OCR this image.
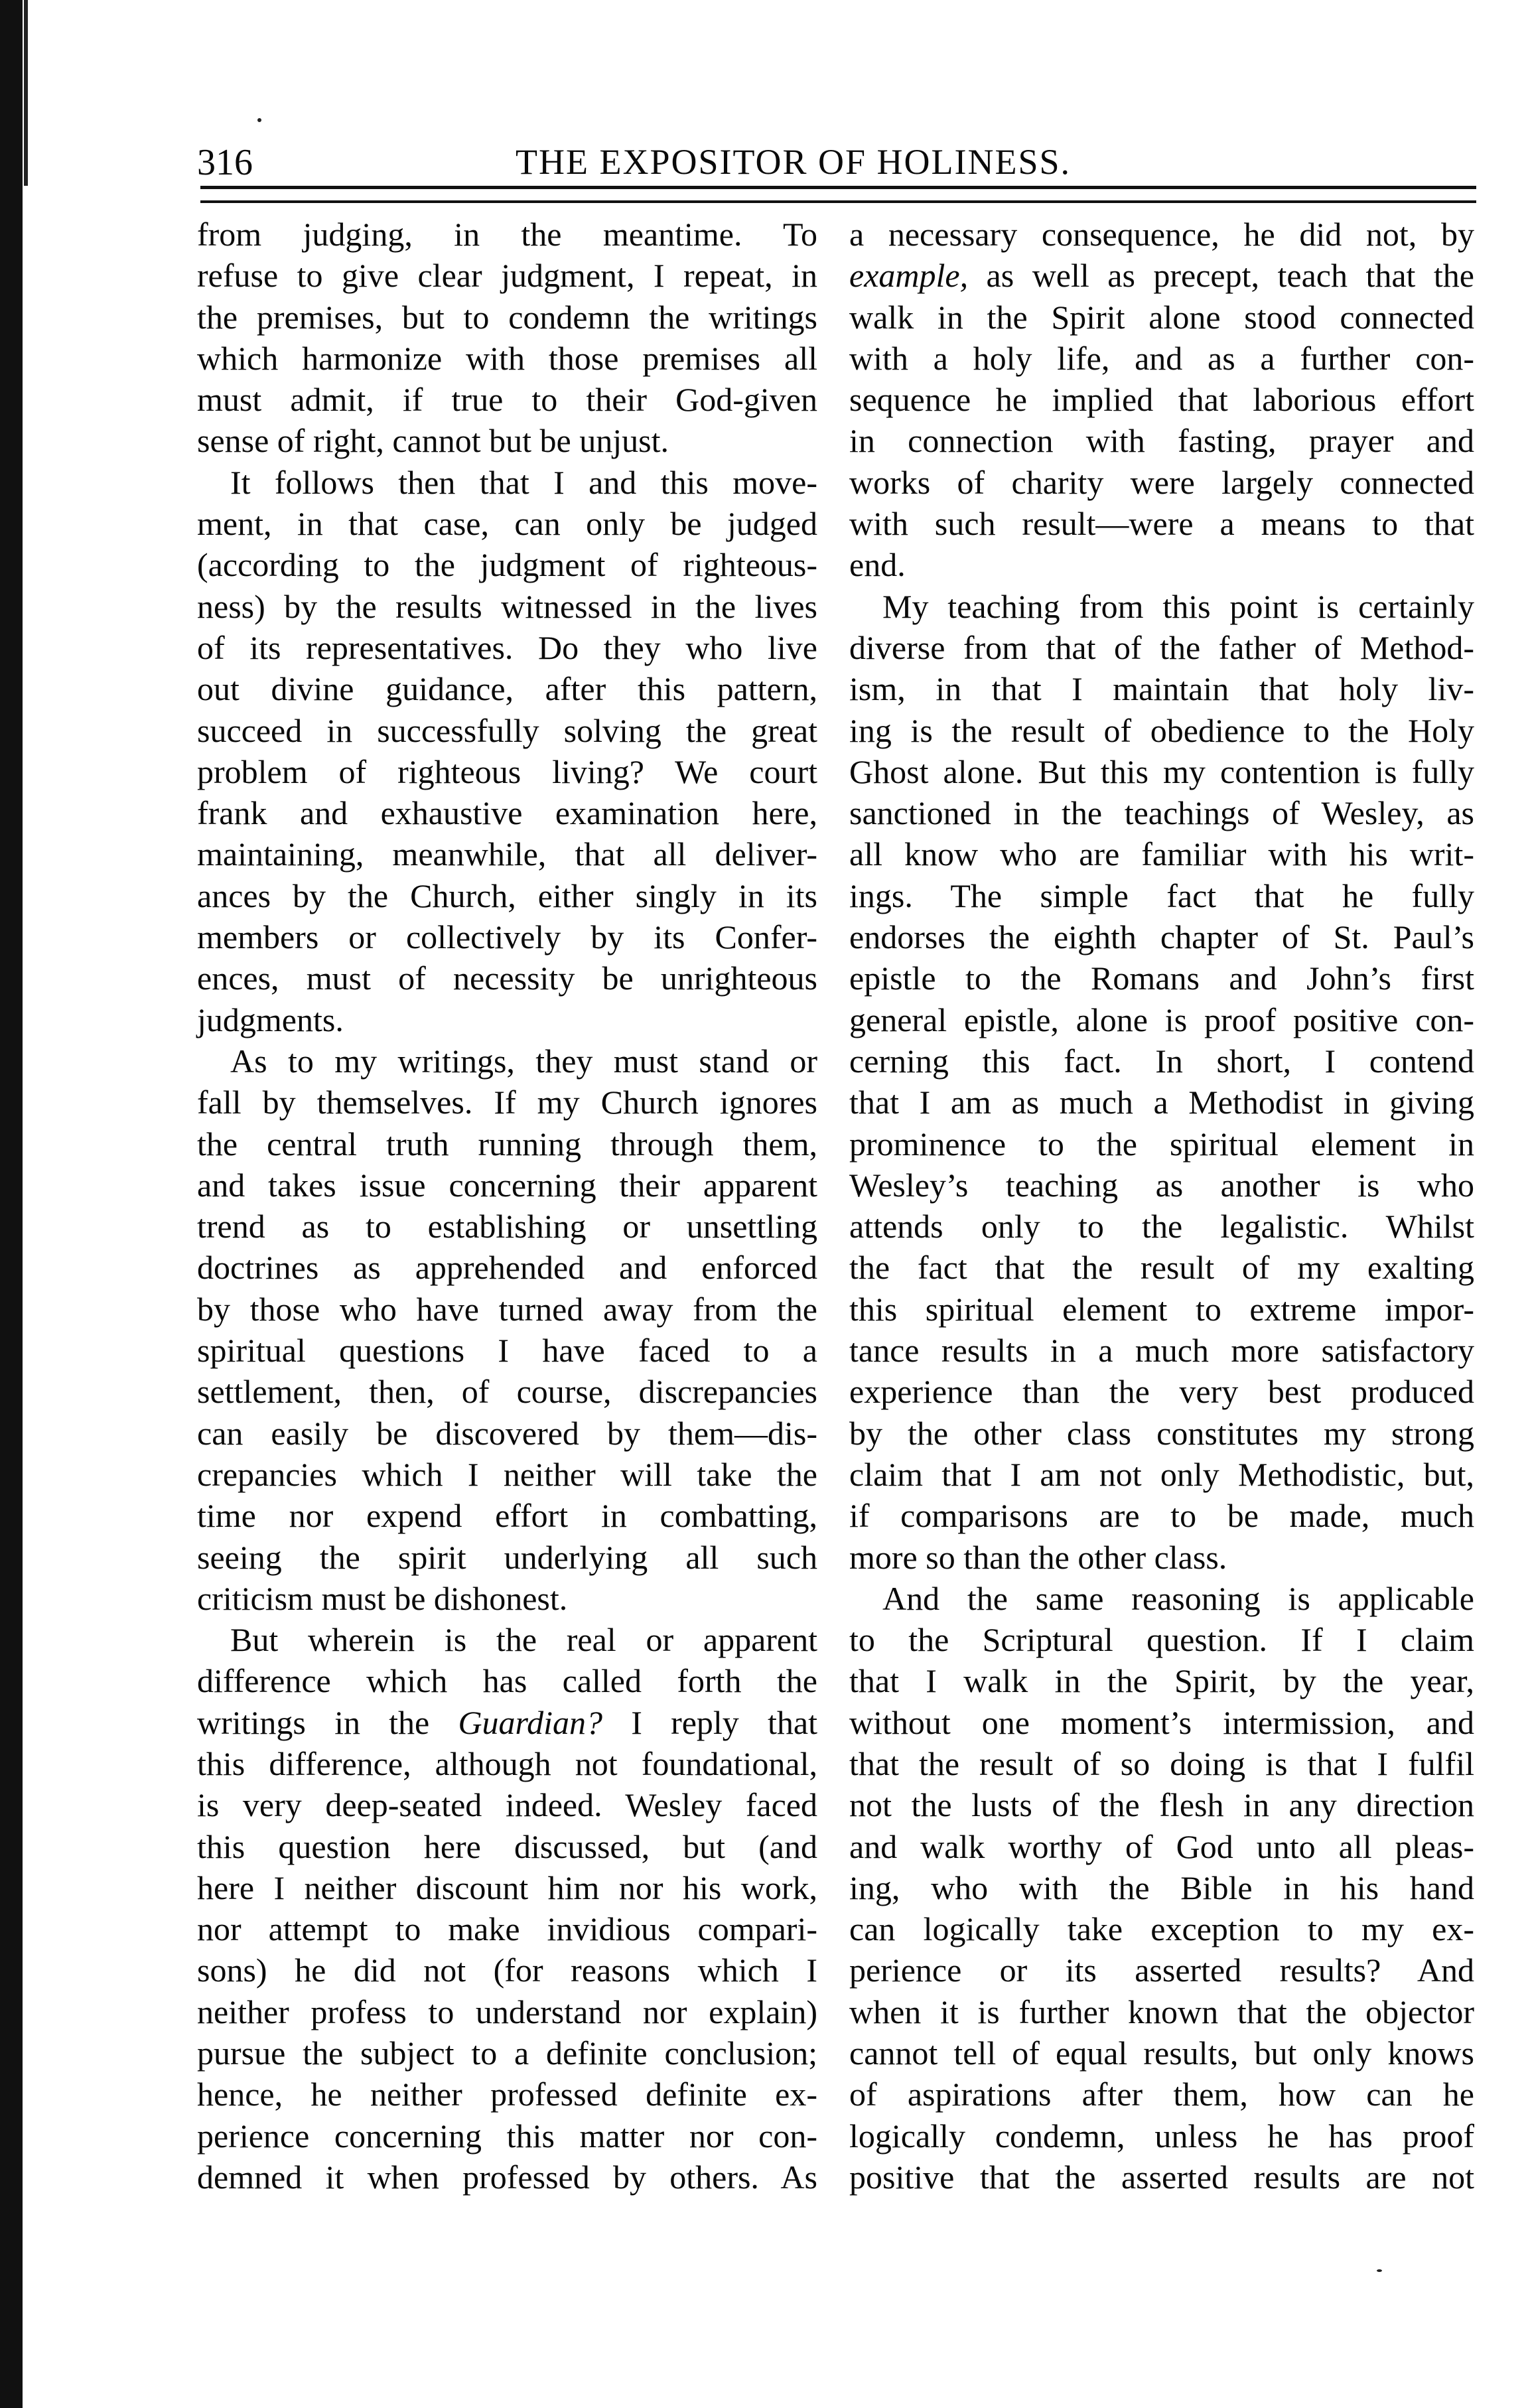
316	THE EXPOSITOR OF HOLINESS.
from judging, in the meantime. To
refuse to give clear judgment, I repeat, in
the premises, but to condemn the writings
which harmonize with those premises all
must admit, if true to their God-given
sense of right, cannot but be unjust.
It follows then that I and this move-
ment, in that case, can only be judged
(according to the judgment of righteous-
ness) by the results witnessed in the lives
of its representatives. Do they who live
out divine guidance, after this pattern,
succeed in successfully solving the great
problem of righteous living? We court
frank and exhaustive examination here,
maintaining, meanwhile, that all deliver-
ances by the Church, either singly in its
members or collectively by its Confer-
ences, must of necessity be unrighteous
judgments.
As to my writings, they must stand or
fall by themselves. If my Church ignores
the central truth running through them,
and takes issue concerning their apparent
trend as to establishing or unsettling
doctrines as apprehended and enforced
by those who have turned away from the
spiritual questions I have faced to a
settlement, then, of course, discrepancies
can easily be discovered by them—dis-
crepancies which I neither will take the
time nor expend effort in combatting,
seeing the spirit underlying all such
criticism must be dishonest.
But wherein is the real or apparent
difference which has called forth the
writings in the Guardian? I reply that
this difference, although not foundational,
is very deep-seated indeed. Wesley faced
this question here discussed, but (and
here I neither discount him nor his work,
nor attempt to make invidious compari-
sons) he did not (for reasons which I
neither profess to understand nor explain)
pursue the subject to a definite conclusion;
hence, he neither professed definite ex-
perience concerning this matter nor con-
demned it when professed by others. As
a necessary consequence, he did not, by
example, as well as precept, teach that the
walk in the Spirit alone stood connected
with a holy life, and as a further con-
sequence he implied that laborious effort
in connection with fasting, prayer and
works of charity were largely connected
with such result—were a means to that
end.
My teaching from this point is certainly
diverse from that of the father of Method-
ism, in that I maintain that holy liv-
ing is the result of obedience to the Holy
Ghost alone. But this my contention is fully
sanctioned in the teachings of Wesley, as
all know who are familiar with his writ-
ings. The simple fact that he fully
endorses the eighth chapter of St. Paul’s
epistle to the Romans and John’s first
general epistle, alone is proof positive con-
cerning this fact. In short, I contend
that I am as much a Methodist in giving
prominence to the spiritual element in
Wesley’s teaching as another is who
attends only to the legalistic. Whilst
the fact that the result of my exalting
this spiritual element to extreme impor-
tance results in a much more satisfactory
experience than the very best produced
by the other class constitutes my strong
claim that I am not only Methodistic, but,
if comparisons are to be made, much
more so than the other class.
And the same reasoning is applicable
to the Scriptural question. If I claim
that I walk in the Spirit, by the year,
without one moment’s intermission, and
that the result of so doing is that I fulfil
not the lusts of the flesh in any direction
and walk worthy of God unto all pleas-
ing, who with the Bible in his hand
can logically take exception to my ex-
perience or its asserted results? And
when it is further known that the objector
cannot tell of equal results, but only knows
of aspirations after them, how can he
logically condemn, unless he has proof
positive that the asserted results are not
